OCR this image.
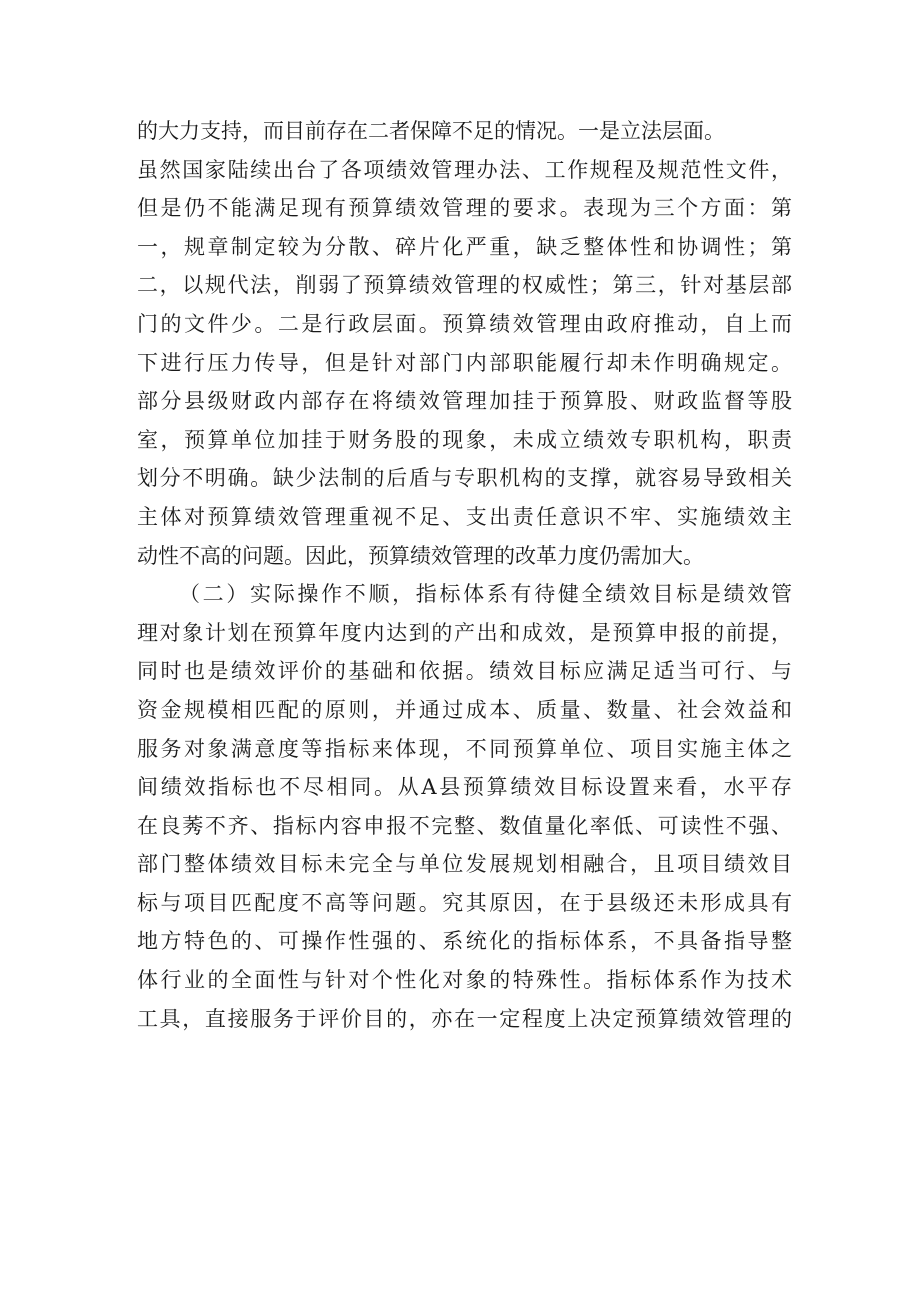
的大力支持，而目前存在二者保障不足的情况。一是立法层面。
虽然国家陆续出台了各项绩效管理办法、工作规程及规范性文件，
但是仍不能满足现有预算绩效管理的要求。表现为三个方面：第
一，规章制定较为分散、碎片化严重，缺乏整体性和协调性；第
二，以规代法，削弱了预算绩效管理的权威性；第三，针对基层部
门的文件少。二是行政层面。预算绩效管理由政府推动，自上而
下进行压力传导，但是针对部门内部职能履行却未作明确规定。
部分县级财政内部存在将绩效管理加挂于预算股、财政监督等股
室，预算单位加挂于财务股的现象，未成立绩效专职机构，职责
划分不明确。缺少法制的后盾与专职机构的支撑，就容易导致相关
主体对预算绩效管理重视不足、支出责任意识不牢、实施绩效主
动性不高的问题。因此，预算绩效管理的改革力度仍需加大。
（二）实际操作不顺，指标体系有待健全绩效目标是绩效管
理对象计划在预算年度内达到的产出和成效，是预算申报的前提，
同时也是绩效评价的基础和依据。绩效目标应满足适当可行、与
资金规模相匹配的原则，并通过成本、质量、数量、社会效益和
服务对象满意度等指标来体现，不同预算单位、项目实施主体之
间绩效指标也不尽相同。从A县预算绩效目标设置来看，水平存
在良莠不齐、指标内容申报不完整、数值量化率低、可读性不强、
部门整体绩效目标未完全与单位发展规划相融合，且项目绩效目
标与项目匹配度不高等问题。究其原因，在于县级还未形成具有
地方特色的、可操作性强的、系统化的指标体系，不具备指导整
体行业的全面性与针对个性化对象的特殊性。指标体系作为技术
工具，直接服务于评价目的，亦在一定程度上决定预算绩效管理的
